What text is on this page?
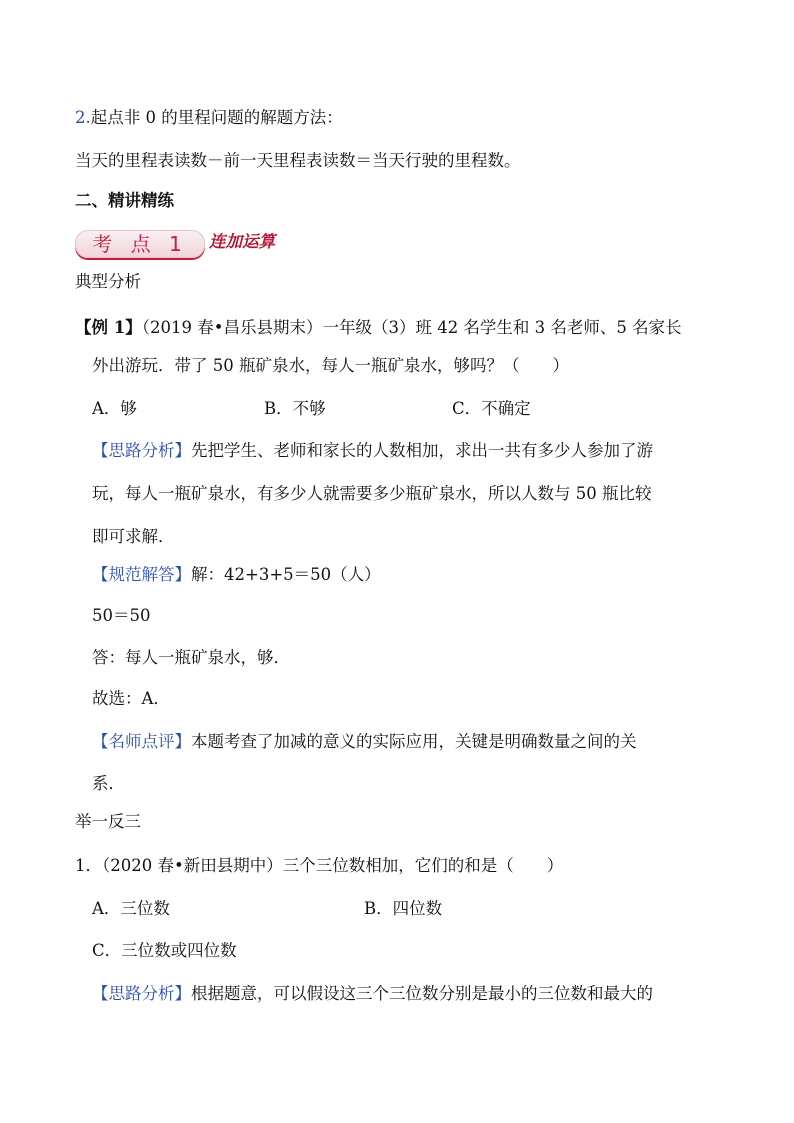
2.起点非 0 的里程问题的解题方法：
当天的里程表读数－前一天里程表读数＝当天行驶的里程数。
二、精讲精练
考 点 1	连加运算
典型分析
【例 1】（2019 春•昌乐县期末）一年级（3）班 42 名学生和 3 名老师、5 名家长
外出游玩．带了 50 瓶矿泉水，每人一瓶矿泉水，够吗？（　　）
A．够	B．不够	C．不确定
【思路分析】先把学生、老师和家长的人数相加，求出一共有多少人参加了游
玩，每人一瓶矿泉水，有多少人就需要多少瓶矿泉水，所以人数与 50 瓶比较
即可求解．
【规范解答】解：42+3+5＝50（人）
50＝50
答：每人一瓶矿泉水，够．
故选：A．
【名师点评】本题考查了加减的意义的实际应用，关键是明确数量之间的关
系．
举一反三
1．（2020 春•新田县期中）三个三位数相加，它们的和是（　　）
A．三位数	B．四位数
C．三位数或四位数
【思路分析】根据题意，可以假设这三个三位数分别是最小的三位数和最大的
